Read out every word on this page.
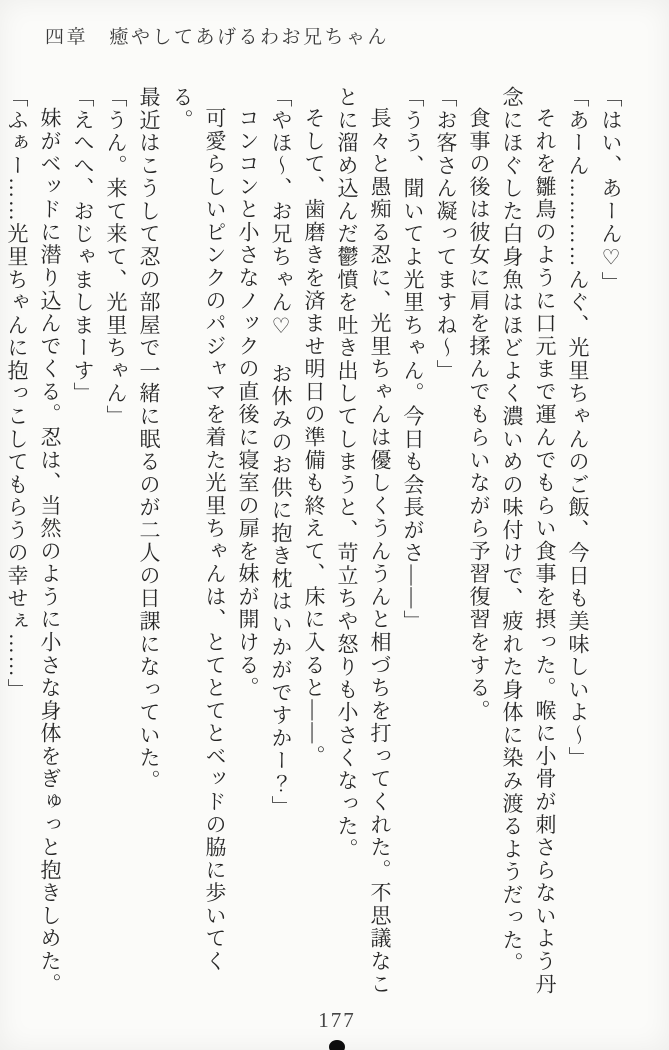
四章　癒やしてあげるわお兄ちゃん

「はい、あーん♡」

「あーん…………んぐ、光里ちゃんのご飯、今日も美味しいよ〜」

それを雛鳥のように口元まで運んでもらい食事を摂った。喉に小骨が刺さらないよう丹

念にほぐした白身魚はほどよく濃いめの味付けで、疲れた身体に染み渡るようだった。

食事の後は彼女に肩を揉んでもらいながら予習復習をする。

「お客さん凝ってますね〜」

「うう、聞いてよ光里ちゃん。今日も会長がさ――」

長々と愚痴る忍に、光里ちゃんは優しくうんうんと相づちを打ってくれた。不思議なこ

とに溜め込んだ鬱憤を吐き出してしまうと、苛立ちや怒りも小さくなった。

そして、歯磨きを済ませ明日の準備も終えて、床に入ると――。

「やほ〜、お兄ちゃん♡　お休みのお供に抱き枕はいかがですかー？」

コンコンと小さなノックの直後に寝室の扉を妹が開ける。

可愛らしいピンクのパジャマを着た光里ちゃんは、とてとてとベッドの脇に歩いてくる。

最近はこうして忍の部屋で一緒に眠るのが二人の日課になっていた。

「うん。来て来て、光里ちゃん」

「えへへ、おじゃましまーす」

妹がベッドに潜り込んでくる。忍は、当然のように小さな身体をぎゅっと抱きしめた。

「ふぁー……光里ちゃんに抱っこしてもらうの幸せぇ……」

177
